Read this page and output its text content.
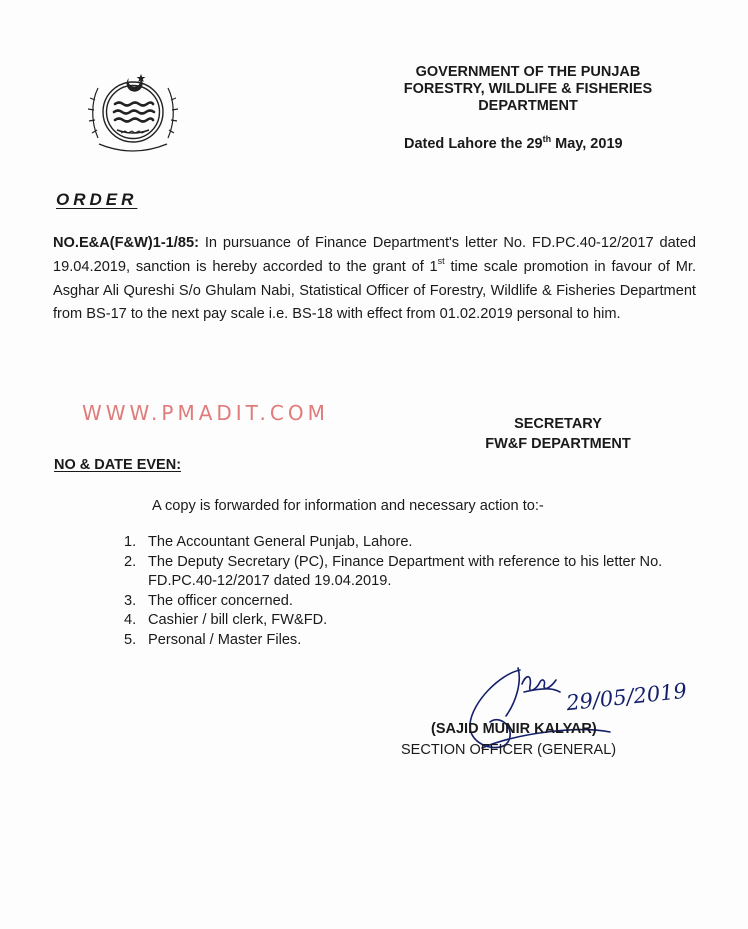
GOVERNMENT OF THE PUNJAB
FORESTRY, WILDLIFE & FISHERIES
DEPARTMENT
Dated Lahore the 29th May, 2019
ORDER
NO.E&A(F&W)1-1/85: In pursuance of Finance Department's letter No. FD.PC.40-12/2017 dated 19.04.2019, sanction is hereby accorded to the grant of 1st time scale promotion in favour of Mr. Asghar Ali Qureshi S/o Ghulam Nabi, Statistical Officer of Forestry, Wildlife & Fisheries Department from BS-17 to the next pay scale i.e. BS-18 with effect from 01.02.2019 personal to him.
WWW.PMADIT.COM	SECRETARY
FW&F DEPARTMENT
NO & DATE EVEN:
A copy is forwarded for information and necessary action to:-
1. The Accountant General Punjab, Lahore.
2. The Deputy Secretary (PC), Finance Department with reference to his letter No. FD.PC.40-12/2017 dated 19.04.2019.
3. The officer concerned.
4. Cashier / bill clerk, FW&FD.
5. Personal / Master Files.
29/05/2019
(SAJID MUNIR KALYAR)
SECTION OFFICER (GENERAL)
